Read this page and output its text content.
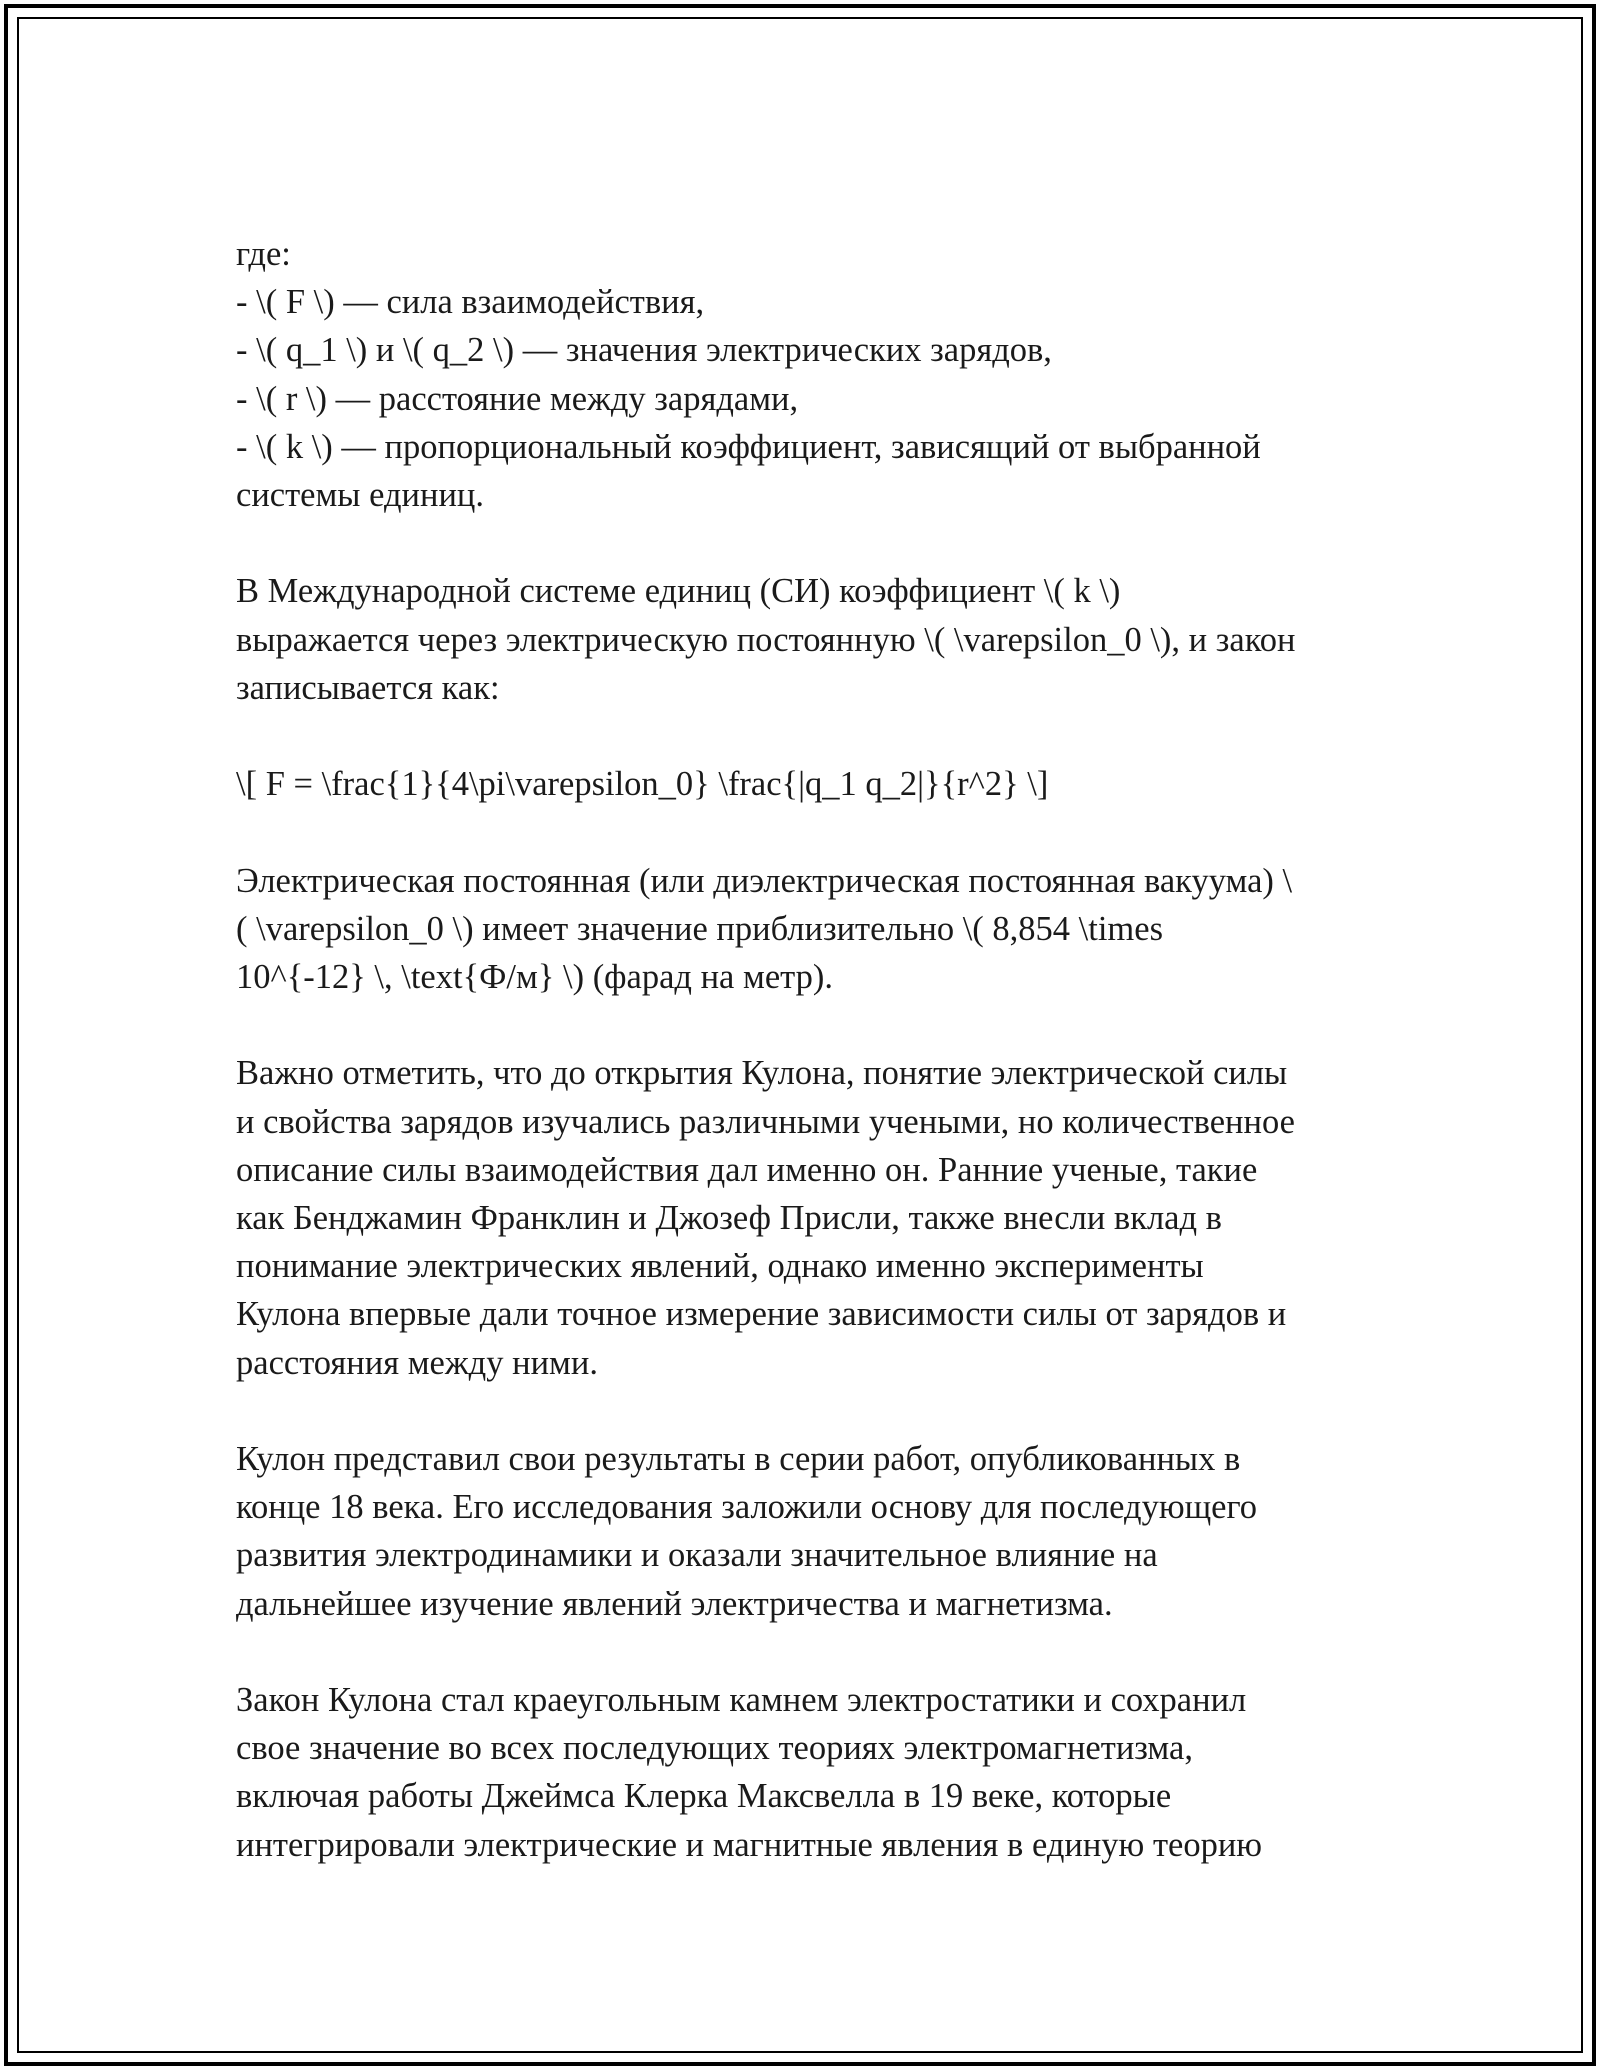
где:
- \( F \) — сила взаимодействия,
- \( q_1 \) и \( q_2 \) — значения электрических зарядов,
- \( r \) — расстояние между зарядами,
- \( k \) — пропорциональный коэффициент, зависящий от выбранной
системы единиц.

В Международной системе единиц (СИ) коэффициент \( k \)
выражается через электрическую постоянную \( \varepsilon_0 \), и закон
записывается как:

\[ F = \frac{1}{4\pi\varepsilon_0} \frac{|q_1 q_2|}{r^2} \]

Электрическая постоянная (или диэлектрическая постоянная вакуума) \
( \varepsilon_0 \) имеет значение приблизительно \( 8,854 \times
10^{-12} \, \text{Ф/м} \) (фарад на метр).

Важно отметить, что до открытия Кулона, понятие электрической силы
и свойства зарядов изучались различными учеными, но количественное
описание силы взаимодействия дал именно он. Ранние ученые, такие
как Бенджамин Франклин и Джозеф Присли, также внесли вклад в
понимание электрических явлений, однако именно эксперименты
Кулона впервые дали точное измерение зависимости силы от зарядов и
расстояния между ними.

Кулон представил свои результаты в серии работ, опубликованных в
конце 18 века. Его исследования заложили основу для последующего
развития электродинамики и оказали значительное влияние на
дальнейшее изучение явлений электричества и магнетизма.

Закон Кулона стал краеугольным камнем электростатики и сохранил
свое значение во всех последующих теориях электромагнетизма,
включая работы Джеймса Клерка Максвелла в 19 веке, которые
интегрировали электрические и магнитные явления в единую теорию
